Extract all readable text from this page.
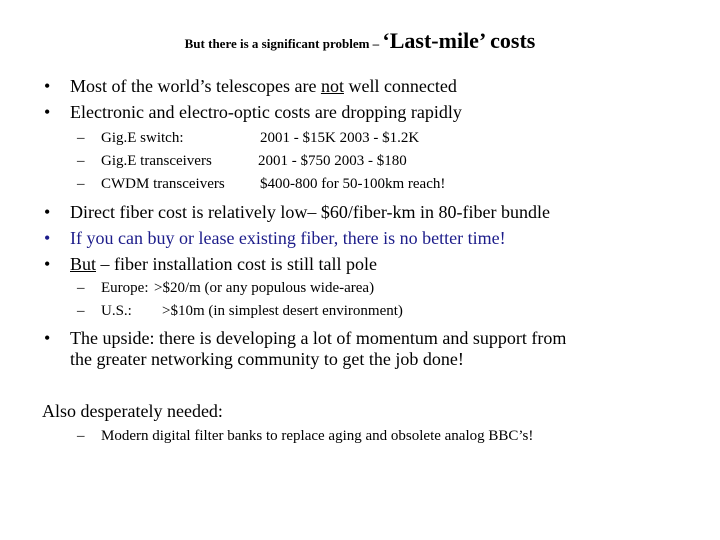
But there is a significant problem – ‘Last-mile’ costs
• Most of the world’s telescopes are not well connected
• Electronic and electro-optic costs are dropping rapidly
– Gig.E switch:	2001 - $15K 2003 - $1.2K
– Gig.E transceivers	2001 - $750 2003 - $180
– CWDM transceivers $400-800 for 50-100km reach!
• Direct fiber cost is relatively low– $60/fiber-km in 80-fiber bundle
• If you can buy or lease existing fiber, there is no better time!
• But – fiber installation cost is still tall pole
– Europe: >$20/m (or any populous wide-area)
– U.S.: >$10m (in simplest desert environment)
• The upside: there is developing a lot of momentum and support from
the greater networking community to get the job done!
Also desperately needed:
– Modern digital filter banks to replace aging and obsolete analog BBC’s!
